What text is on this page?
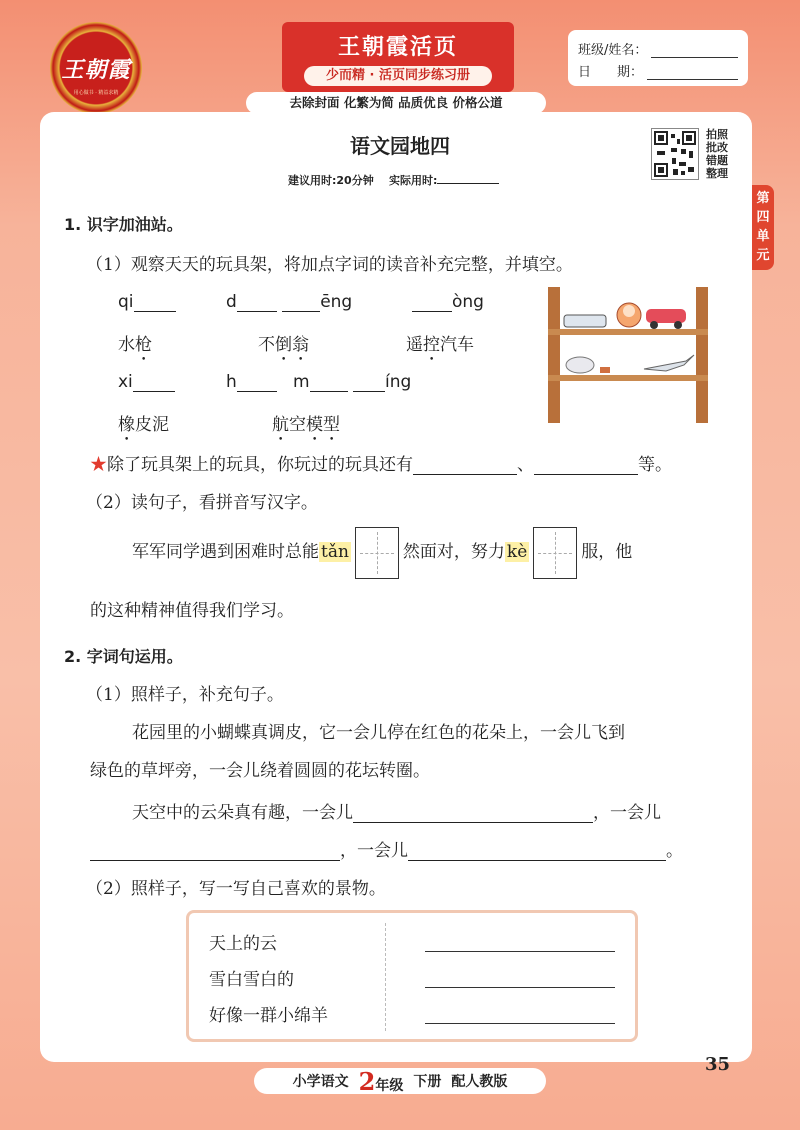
王朝霞
用心做书 · 精益求精
王朝霞活页
少而精 · 活页同步练习册
班级/姓名：
日　　期：
去除封面 化繁为简 品质优良 价格公道
第四单元
语文园地四	拍照批改 错题整理
建议用时:20分钟 实际用时:
1. 识字加油站。
（1）观察天天的玩具架，将加点字词的读音补充完整，并填空。
qi	d	ēng	òng
水枪	不倒翁	遥控汽车
xi	h	m	íng
橡皮泥	航空模型
★除了玩具架上的玩具，你玩过的玩具还有	、	等。
（2）读句子，看拼音写汉字。
军军同学遇到困难时总能 tǎn	然面对，努力 kè	服，他
的这种精神值得我们学习。
2. 字词句运用。
（1）照样子，补充句子。
花园里的小蝴蝶真调皮，它一会儿停在红色的花朵上，一会儿飞到
绿色的草坪旁，一会儿绕着圆圆的花坛转圈。
天空中的云朵真有趣，一会儿	，一会儿
，一会儿	。
（2）照样子，写一写自己喜欢的景物。
天上的云
雪白雪白的
好像一群小绵羊
小学语文 2年级 下册 配人教版
35
